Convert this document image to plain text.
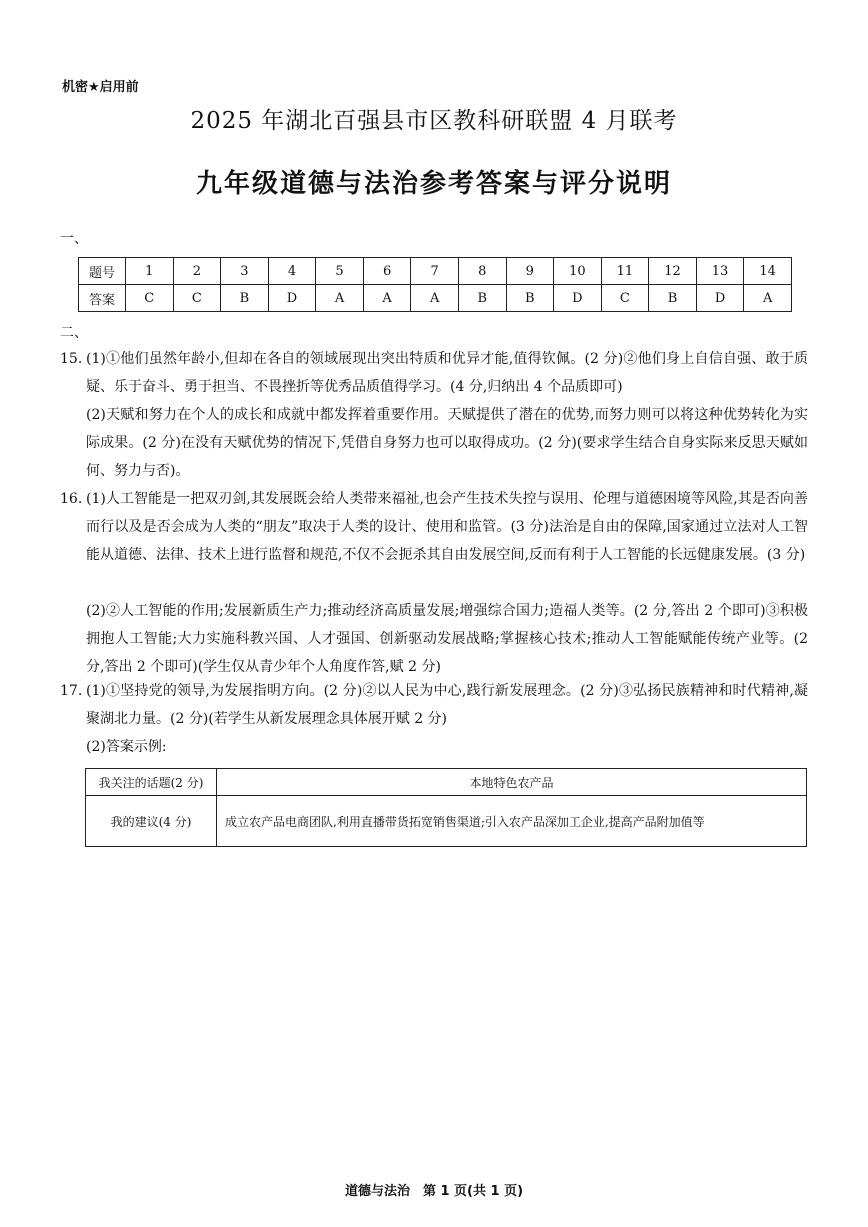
机密★启用前
2025 年湖北百强县市区教科研联盟 4 月联考
九年级道德与法治参考答案与评分说明
一、
题号	1	2	3	4	5	6	7	8	9	10	11	12	13	14
答案	C	C	B	D	A	A	A	B	B	D	C	B	D	A
二、
15. (1)①他们虽然年龄小,但却在各自的领域展现出突出特质和优异才能,值得钦佩。(2 分)②他们身上自信自强、敢于质疑、乐于奋斗、勇于担当、不畏挫折等优秀品质值得学习。(4 分,归纳出 4 个品质即可)
(2)天赋和努力在个人的成长和成就中都发挥着重要作用。天赋提供了潜在的优势,而努力则可以将这种优势转化为实际成果。(2 分)在没有天赋优势的情况下,凭借自身努力也可以取得成功。(2 分)(要求学生结合自身实际来反思天赋如何、努力与否)。
16. (1)人工智能是一把双刃剑,其发展既会给人类带来福祉,也会产生技术失控与误用、伦理与道德困境等风险,其是否向善而行以及是否会成为人类的“朋友”取决于人类的设计、使用和监管。(3 分)法治是自由的保障,国家通过立法对人工智能从道德、法律、技术上进行监督和规范,不仅不会扼杀其自由发展空间,反而有利于人工智能的长远健康发展。(3 分)
(2)②人工智能的作用;发展新质生产力;推动经济高质量发展;增强综合国力;造福人类等。(2 分,答出 2 个即可)③积极拥抱人工智能;大力实施科教兴国、人才强国、创新驱动发展战略;掌握核心技术;推动人工智能赋能传统产业等。(2 分,答出 2 个即可)(学生仅从青少年个人角度作答,赋 2 分)
17. (1)①坚持党的领导,为发展指明方向。(2 分)②以人民为中心,践行新发展理念。(2 分)③弘扬民族精神和时代精神,凝聚湖北力量。(2 分)(若学生从新发展理念具体展开赋 2 分)
(2)答案示例:
我关注的话题(2 分)	本地特色农产品
我的建议(4 分)	成立农产品电商团队,利用直播带货拓宽销售渠道;引入农产品深加工企业,提高产品附加值等
道德与法治　第 1 页(共 1 页)
